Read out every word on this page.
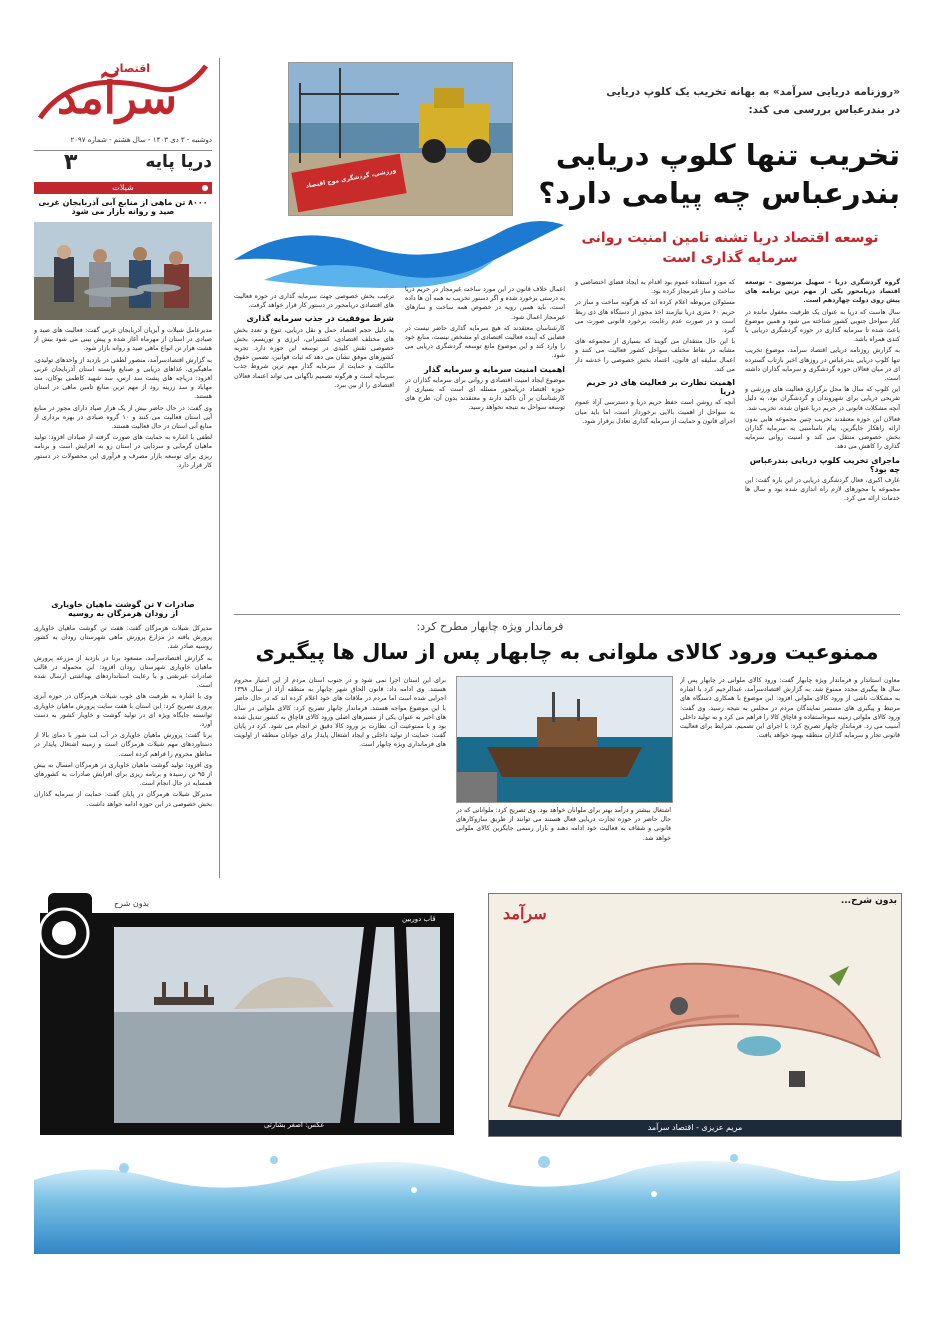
سرآمد
اقتصاد
دوشنبه - ۳ دی ۱۴۰۳ - سال هشتم - شماره ۲۰۹۷
دریا پایه
۳
شیلات
۸۰۰۰ تن ماهی از منابع آبی آذربایجان غربی
صید و روانه بازار می شود

مدیرعامل شیلات و آبزیان آذربایجان غربی گفت: فعالیت های صید و صیادی در استان از مهرماه آغاز شده و پیش بینی می شود بیش از هشت هزار تن انواع ماهی صید و روانه بازار شود.

به گزارش اقتصادسرآمد، منصور لطفی در بازدید از واحدهای تولیدی، ماهیگیری، غذاهای دریایی و صنایع وابسته استان آذربایجان غربی افزود: دریاچه های پشت سد ارس، سد شهید کاظمی بوکان، سد مهاباد و سد زرینه رود از مهم ترین منابع تامین ماهی در استان هستند.

وی گفت: در حال حاضر بیش از یک هزار صیاد دارای مجوز در منابع آبی استان فعالیت می کنند و ۱۰ گروه صیادی در بهره برداری از منابع آبی استان در حال فعالیت هستند.

لطفی با اشاره به حمایت های صورت گرفته از صیادان افزود: تولید ماهیان گرمابی و سردابی در استان رو به افزایش است و برنامه ریزی برای توسعه بازار مصرف و فرآوری این محصولات در دستور کار قرار دارد.

صادرات ۷ تن گوشت ماهیان خاویاری
از رودان هرمزگان به روسیه

مدیرکل شیلات هرمزگان گفت: هفت تن گوشت ماهیان خاویاری پرورش یافته در مزارع پرورش ماهی شهرستان رودان به کشور روسیه صادر شد.

به گزارش اقتصادسرآمد، مسعود برنا در بازدید از مزرعه پرورش ماهیان خاویاری شهرستان رودان افزود: این محموله در قالب صادرات غیرنفتی و با رعایت استانداردهای بهداشتی ارسال شده است.

وی با اشاره به ظرفیت های خوب شیلات هرمزگان در حوزه آبزی پروری تصریح کرد: این استان با هفت سایت پرورش ماهیان خاویاری توانسته جایگاه ویژه ای در تولید گوشت و خاویار کشور به دست آورد.

برنا گفت: پرورش ماهیان خاویاری در آب لب شور با دمای بالا از دستاوردهای مهم شیلات هرمزگان است و زمینه اشتغال پایدار در مناطق محروم را فراهم کرده است.

وی افزود: تولید گوشت ماهیان خاویاری در هرمزگان امسال به بیش از ۹۵ تن رسیده و برنامه ریزی برای افزایش صادرات به کشورهای همسایه در حال انجام است.

مدیرکل شیلات هرمزگان در پایان گفت: حمایت از سرمایه گذاران بخش خصوصی در این حوزه ادامه خواهد داشت.

ورزشی، گردشگری موج اقتصاد
«روزنامه دریایی سرآمد» به بهانه تخریب یک کلوپ دریایی
در بندرعباس بررسی می کند:
تخریب تنها کلوپ دریایی
بندرعباس چه پیامی دارد؟
توسعه اقتصاد دریا تشنه تامین امنیت روانی
سرمایه گذاری است

گروه گردشگری دریا – سهیل مرتضوی – توسعه اقتصاد دریامحور یکی از مهم ترین برنامه های پیش روی دولت چهاردهم است.

سال هاست که دریا به عنوان یک ظرفیت مغفول مانده در کنار سواحل جنوبی کشور شناخته می شود و همین موضوع باعث شده تا سرمایه گذاری در حوزه گردشگری دریایی با کندی همراه باشد.

به گزارش روزنامه دریایی اقتصاد سرآمد، موضوع تخریب تنها کلوپ دریایی بندرعباس در روزهای اخیر بازتاب گسترده ای در میان فعالان حوزه گردشگری و سرمایه گذاران داشته است.

این کلوپ که سال ها محل برگزاری فعالیت های ورزشی و تفریحی دریایی برای شهروندان و گردشگران بود، به دلیل آنچه مشکلات قانونی در حریم دریا عنوان شده، تخریب شد.

فعالان این حوزه معتقدند تخریب چنین مجموعه هایی بدون ارائه راهکار جایگزین، پیام نامناسبی به سرمایه گذاران بخش خصوصی منتقل می کند و امنیت روانی سرمایه گذاری را کاهش می دهد.

ماجرای تخریب کلوپ دریایی بندرعباس چه بود؟

عارف اکبری، فعال گردشگری دریایی در این باره گفت: این مجموعه با مجوزهای لازم راه اندازی شده بود و سال ها خدمات ارائه می کرد.

که مورد استفاده عموم بود اقدام به ایجاد فضای اختصاصی و ساخت و ساز غیرمجاز کرده بود.

مسئولان مربوطه اعلام کرده اند که هرگونه ساخت و ساز در حریم ۶۰ متری دریا نیازمند اخذ مجوز از دستگاه های ذی ربط است و در صورت عدم رعایت، برخورد قانونی صورت می گیرد.

با این حال منتقدان می گویند که بسیاری از مجموعه های مشابه در نقاط مختلف سواحل کشور فعالیت می کنند و اعمال سلیقه ای قانون، اعتماد بخش خصوصی را خدشه دار می کند.

اهمیت نظارت بر فعالیت های در حریم دریا

آنچه که روشن است حفظ حریم دریا و دسترسی آزاد عموم به سواحل از اهمیت بالایی برخوردار است، اما باید میان اجرای قانون و حمایت از سرمایه گذاری تعادل برقرار شود.

اعمال خلاف قانون در این مورد ساخت غیرمجاز در حریم دریا به درستی برخورد شده و اگر دستور تخریب به همه آن ها داده است، باید همین رویه در خصوص همه ساخت و سازهای غیرمجاز اعمال شود.

کارشناسان معتقدند که هیچ سرمایه گذاری حاضر نیست در فضایی که آینده فعالیت اقتصادی او مشخص نیست، منابع خود را وارد کند و این موضوع مانع توسعه گردشگری دریایی می شود.

اهمیت امنیت سرمایه و سرمایه گذار

موضوع ایجاد امنیت اقتصادی و روانی برای سرمایه گذاران در حوزه اقتصاد دریامحور مسئله ای است که بسیاری از کارشناسان بر آن تاکید دارند و معتقدند بدون آن، طرح های توسعه سواحل به نتیجه نخواهد رسید.

ترغیب بخش خصوصی جهت سرمایه گذاری در حوزه فعالیت های اقتصادی دریامحور در دستور کار قرار خواهد گرفت.

شرط موفقیت در جذب سرمایه گذاری

به دلیل حجم اقتصاد حمل و نقل دریایی، تنوع و تعدد بخش های مختلف اقتصادی، کشتیرانی، انرژی و توریسم، بخش خصوصی نقش کلیدی در توسعه این حوزه دارد. تجربه کشورهای موفق نشان می دهد که ثبات قوانین، تضمین حقوق مالکیت و حمایت از سرمایه گذار مهم ترین شروط جذب سرمایه است و هرگونه تصمیم ناگهانی می تواند اعتماد فعالان اقتصادی را از بین ببرد.

فرماندار ویژه چابهار مطرح کرد:
ممنوعیت ورود کالای ملوانی به چابهار پس از سال ها پیگیری
معاون استاندار و فرماندار ویژه چابهار گفت: ورود کالای ملوانی در چابهار پس از سال ها پیگیری مجدد ممنوع شد. به گزارش اقتصادسرآمد، عبدالرحیم کرد با اشاره به مشکلات ناشی از ورود کالای ملوانی افزود: این موضوع با همکاری دستگاه های مرتبط و پیگیری های مستمر نمایندگان مردم در مجلس به نتیجه رسید. وی گفت: ورود کالای ملوانی زمینه سوءاستفاده و قاچاق کالا را فراهم می کرد و به تولید داخلی آسیب می زد. فرماندار چابهار تصریح کرد: با اجرای این تصمیم، شرایط برای فعالیت قانونی تجار و سرمایه گذاران منطقه بهبود خواهد یافت.
اشتغال بیشتر و درآمد بهتر برای ملوانان خواهد بود. وی تصریح کرد: ملوانانی که در حال حاضر در حوزه تجارت دریایی فعال هستند می توانند از طریق سازوکارهای قانونی و شفاف به فعالیت خود ادامه دهند و بازار رسمی جایگزین کالای ملوانی خواهد شد.
برای این استان اجرا نمی شود و در جنوب استان مردم از این امتیاز محروم هستند. وی ادامه داد: قانون الحاق شهر چابهار به منطقه آزاد از سال ۱۳۹۸ اجرایی شده است اما مردم در ملاقات های خود اعلام کرده اند که در حال حاضر با این موضوع مواجه هستند. فرماندار چابهار تصریح کرد: کالای ملوانی در سال های اخیر به عنوان یکی از مسیرهای اصلی ورود کالای قاچاق به کشور تبدیل شده بود و با ممنوعیت آن، نظارت بر ورود کالا دقیق تر انجام می شود. کرد در پایان گفت: حمایت از تولید داخلی و ایجاد اشتغال پایدار برای جوانان منطقه از اولویت های فرمانداری ویژه چابهار است.
بدون شرح
قاب دوربین
عکس: اصغر بشارتی
بدون شرح...
سرآمد
مریم عزیزی - اقتصاد سرآمد
